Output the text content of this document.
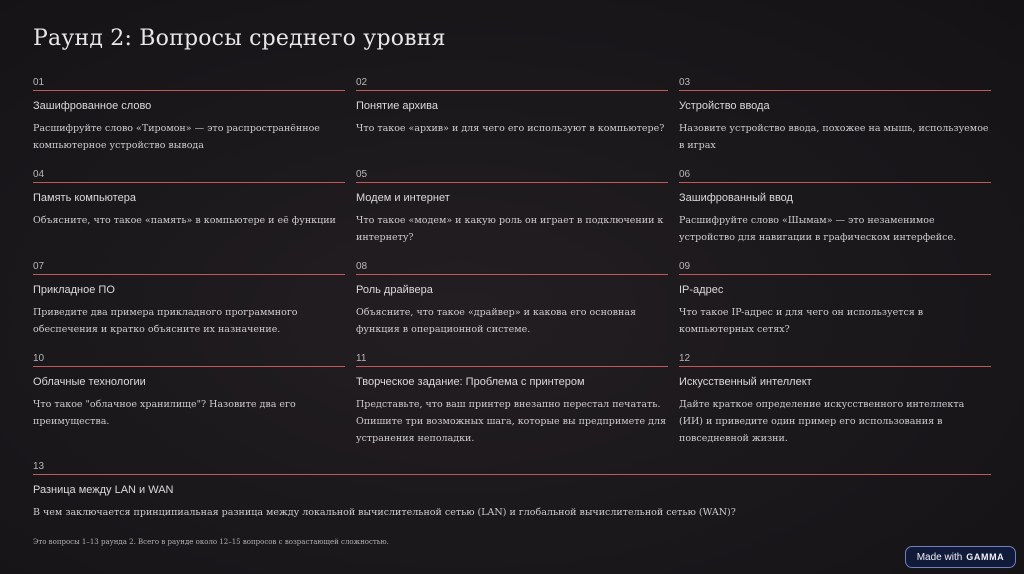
Раунд 2: Вопросы среднего уровня
01
Зашифрованное слово
Расшифруйте слово «Тиромон» — это распространённое компьютерное устройство вывода
02
Понятие архива
Что такое «архив» и для чего его используют в компьютере?
03
Устройство ввода
Назовите устройство ввода, похожее на мышь, используемое в играх
04
Память компьютера
Объясните, что такое «память» в компьютере и её функции
05
Модем и интернет
Что такое «модем» и какую роль он играет в подключении к интернету?
06
Зашифрованный ввод
Расшифруйте слово «Шымам» — это незаменимое устройство для навигации в графическом интерфейсе.
07
Прикладное ПО
Приведите два примера прикладного программного обеспечения и кратко объясните их назначение.
08
Роль драйвера
Объясните, что такое «драйвер» и какова его основная функция в операционной системе.
09
IP-адрес
Что такое IP-адрес и для чего он используется в компьютерных сетях?
10
Облачные технологии
Что такое "облачное хранилище"? Назовите два его преимущества.
11
Творческое задание: Проблема с принтером
Представьте, что ваш принтер внезапно перестал печатать. Опишите три возможных шага, которые вы предпримете для устранения неполадки.
12
Искусственный интеллект
Дайте краткое определение искусственного интеллекта (ИИ) и приведите один пример его использования в повседневной жизни.
13
Разница между LAN и WAN
В чем заключается принципиальная разница между локальной вычислительной сетью (LAN) и глобальной вычислительной сетью (WAN)?
Это вопросы 1–13 раунда 2. Всего в раунде около 12–15 вопросов с возрастающей сложностью.
Made with GAMMA
